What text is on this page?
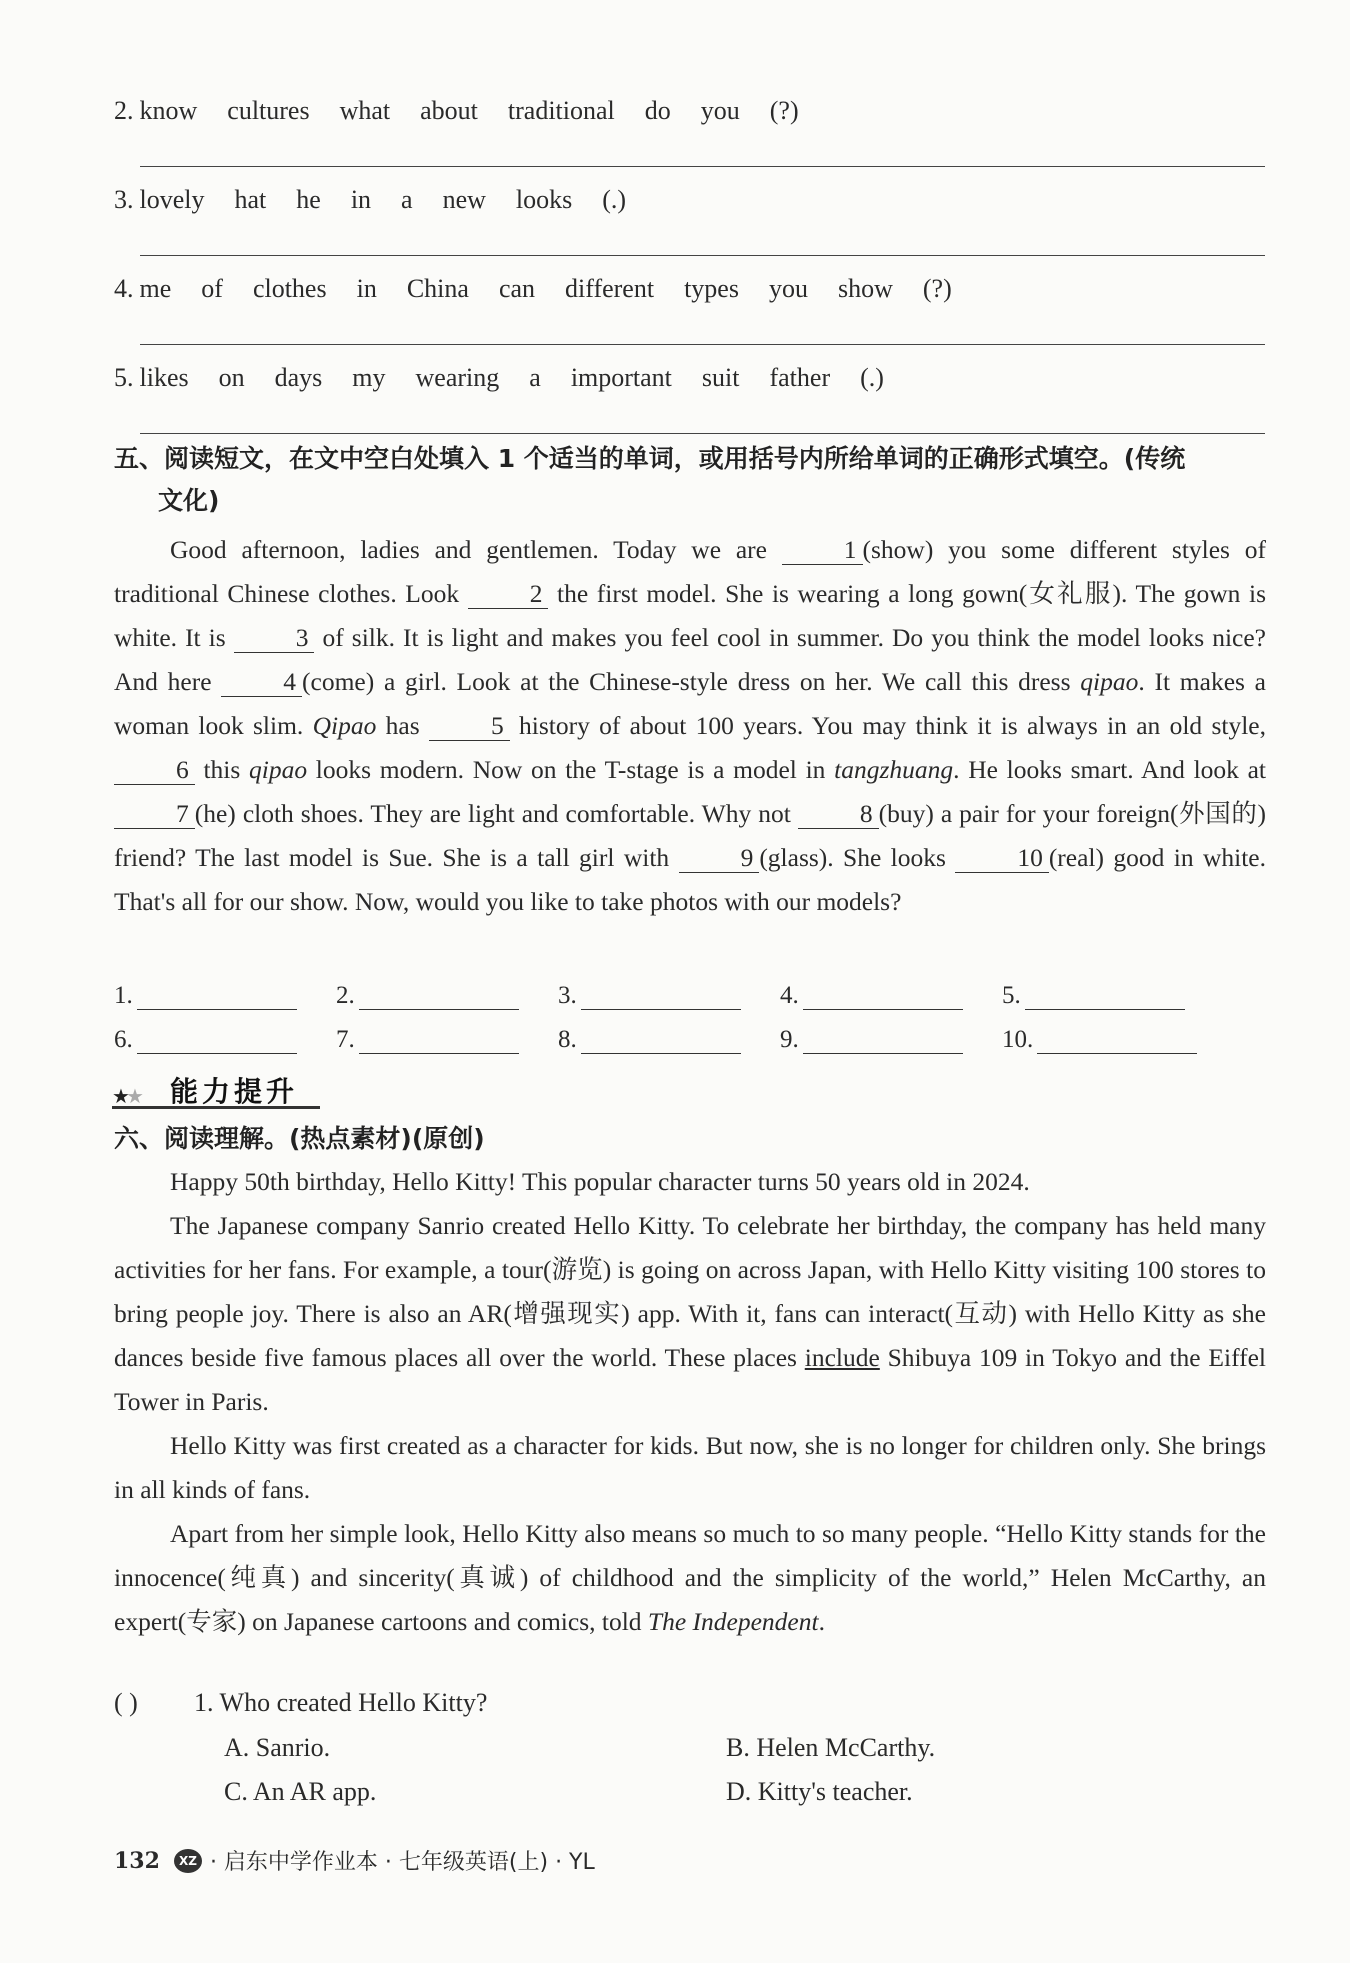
2. know cultures what about traditional do you (?)
3. lovely hat he in a new looks (.)
4. me of clothes in China can different types you show (?)
5. likes on days my wearing a important suit father (.)
五、阅读短文，在文中空白处填入 1 个适当的单词，或用括号内所给单词的正确形式填空。(传统
文化)

Good afternoon, ladies and gentlemen. Today we are 1 (show) you some different styles of traditional Chinese clothes. Look 2 the first model. She is wearing a long gown(女礼服). The gown is white. It is 3 of silk. It is light and makes you feel cool in summer. Do you think the model looks nice? And here 4 (come) a girl. Look at the Chinese-style dress on her. We call this dress qipao. It makes a woman look slim. Qipao has 5 history of about 100 years. You may think it is always in an old style, 6 this qipao looks modern. Now on the T-stage is a model in tangzhuang. He looks smart. And look at 7 (he) cloth shoes. They are light and comfortable. Why not 8 (buy) a pair for your foreign(外国的) friend? The last model is Sue. She is a tall girl with 9 (glass). She looks 10 (real) good in white. That's all for our show. Now, would you like to take photos with our models?

1.	2.	3.	4.	5.
6.	7.	8.	9.	10.
★★ 能力提升
六、阅读理解。(热点素材)(原创)

Happy 50th birthday, Hello Kitty! This popular character turns 50 years old in 2024.

The Japanese company Sanrio created Hello Kitty. To celebrate her birthday, the company has held many activities for her fans. For example, a tour(游览) is going on across Japan, with Hello Kitty visiting 100 stores to bring people joy. There is also an AR(增强现实) app. With it, fans can interact(互动) with Hello Kitty as she dances beside five famous places all over the world. These places include Shibuya 109 in Tokyo and the Eiffel Tower in Paris.

Hello Kitty was first created as a character for kids. But now, she is no longer for children only. She brings in all kinds of fans.

Apart from her simple look, Hello Kitty also means so much to so many people. “Hello Kitty stands for the innocence(纯真) and sincerity(真诚) of childhood and the simplicity of the world,” Helen McCarthy, an expert(专家) on Japanese cartoons and comics, told The Independent.

( ) 1. Who created Hello Kitty?
A. Sanrio.	B. Helen McCarthy.
C. An AR app.	D. Kitty's teacher.
132	XZ · 启东中学作业本 · 七年级英语(上) · YL
